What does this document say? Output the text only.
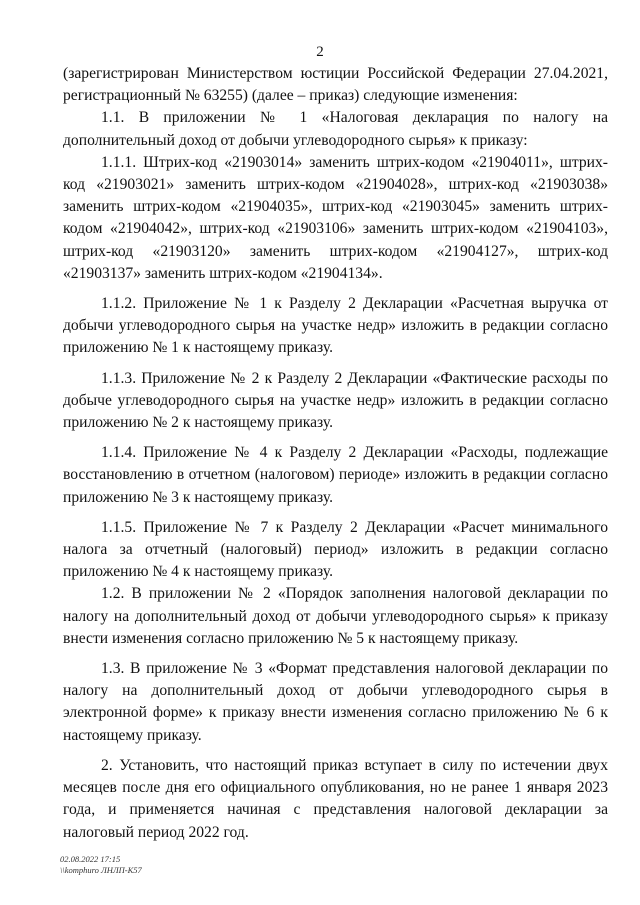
2

(зарегистрирован Министерством юстиции Российской Федерации 27.04.2021, регистрационный № 63255) (далее – приказ) следующие изменения:

1.1. В приложении № 1 «Налоговая декларация по налогу на дополнительный доход от добычи углеводородного сырья» к приказу:

1.1.1. Штрих-код «21903014» заменить штрих-кодом «21904011», штрих-код «21903021» заменить штрих-кодом «21904028», штрих-код «21903038» заменить штрих-кодом «21904035», штрих-код «21903045» заменить штрих-кодом «21904042», штрих-код «21903106» заменить штрих-кодом «21904103», штрих-код «21903120» заменить штрих-кодом «21904127», штрих-код «21903137» заменить штрих-кодом «21904134».

1.1.2. Приложение № 1 к Разделу 2 Декларации «Расчетная выручка от добычи углеводородного сырья на участке недр» изложить в редакции согласно приложению № 1 к настоящему приказу.

1.1.3. Приложение № 2 к Разделу 2 Декларации «Фактические расходы по добыче углеводородного сырья на участке недр» изложить в редакции согласно приложению № 2 к настоящему приказу.

1.1.4. Приложение № 4 к Разделу 2 Декларации «Расходы, подлежащие восстановлению в отчетном (налоговом) периоде» изложить в редакции согласно приложению № 3 к настоящему приказу.

1.1.5. Приложение № 7 к Разделу 2 Декларации «Расчет минимального налога за отчетный (налоговый) период» изложить в редакции согласно приложению № 4 к настоящему приказу.

1.2. В приложении № 2 «Порядок заполнения налоговой декларации по налогу на дополнительный доход от добычи углеводородного сырья» к приказу внести изменения согласно приложению № 5 к настоящему приказу.

1.3. В приложение № 3 «Формат представления налоговой декларации по налогу на дополнительный доход от добычи углеводородного сырья в электронной форме» к приказу внести изменения согласно приложению № 6 к настоящему приказу.

2. Установить, что настоящий приказ вступает в силу по истечении двух месяцев после дня его официального опубликования, но не ранее 1 января 2023 года, и применяется начиная с представления налоговой декларации за налоговый период 2022 год.

02.08.2022 17:15
\\komphuro ЛНЛП-К57
